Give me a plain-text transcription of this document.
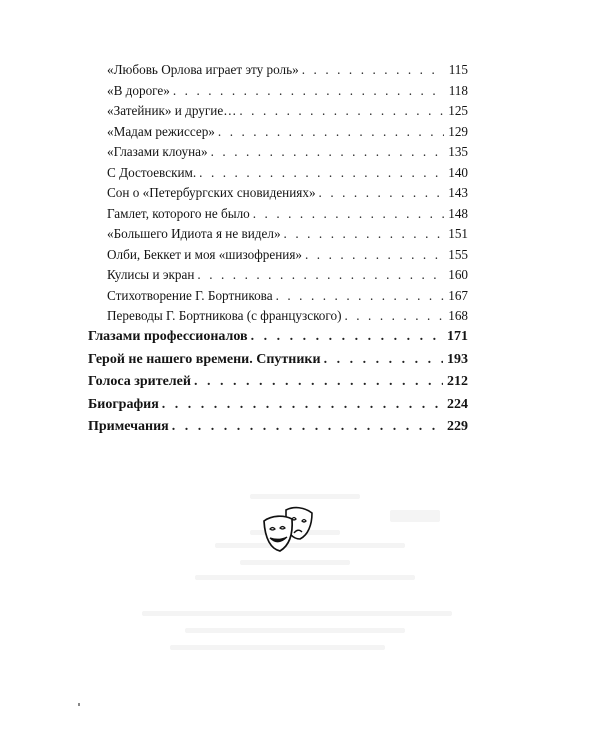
«Любовь Орлова играет эту роль» . . .	115
«В дороге» . . .	118
«Затейник» и другие… . . .	125
«Мадам режиссер» . . .	129
«Глазами клоуна» . . .	135
С Достоевским. . . .	140
Сон о «Петербургских сновидениях» . . .	143
Гамлет, которого не было . . .	148
«Большего Идиота я не видел» . . .	151
Олби, Беккет и моя «шизофрения» . . .	155
Кулисы и экран . . .	160
Стихотворение Г. Бортникова . . .	167
Переводы Г. Бортникова (с французского) . . .	168
Глазами профессионалов . . .	171
Герой не нашего времени. Спутники . . .	193
Голоса зрителей . . .	212
Биография . . .	224
Примечания . . .	229
